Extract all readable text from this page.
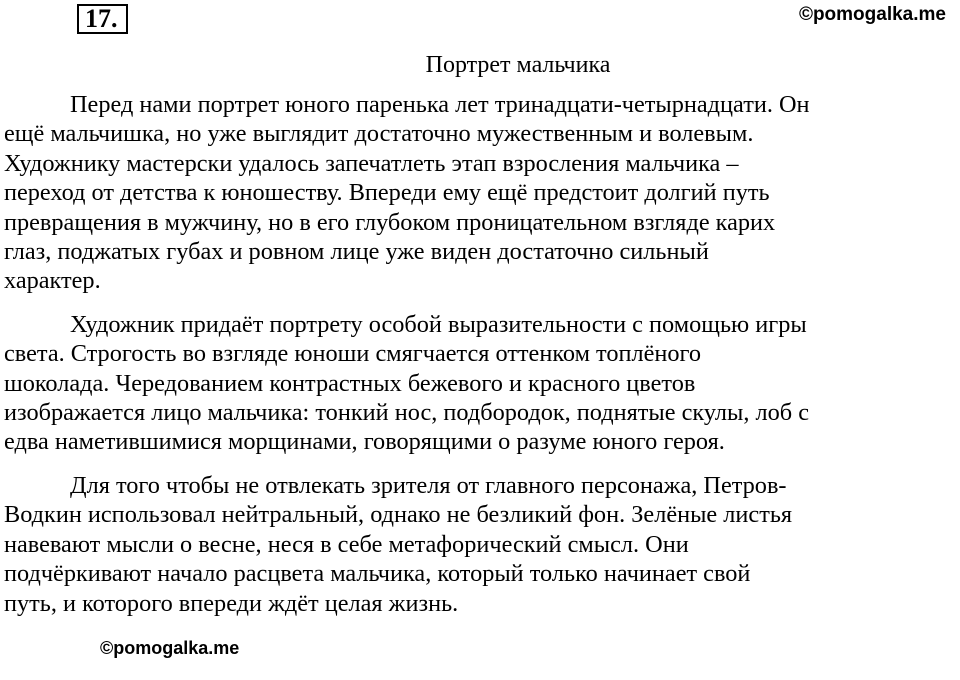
17.	©pomogalka.me
Портрет мальчика

Перед нами портрет юного паренька лет тринадцати-четырнадцати. Он
ещё мальчишка, но уже выглядит достаточно мужественным и волевым.
Художнику мастерски удалось запечатлеть этап взросления мальчика –
переход от детства к юношеству. Впереди ему ещё предстоит долгий путь
превращения в мужчину, но в его глубоком проницательном взгляде карих
глаз, поджатых губах и ровном лице уже виден достаточно сильный
характер.

Художник придаёт портрету особой выразительности с помощью игры
света. Строгость во взгляде юноши смягчается оттенком топлёного
шоколада. Чередованием контрастных бежевого и красного цветов
изображается лицо мальчика: тонкий нос, подбородок, поднятые скулы, лоб с
едва наметившимися морщинами, говорящими о разуме юного героя.

Для того чтобы не отвлекать зрителя от главного персонажа, Петров-
Водкин использовал нейтральный, однако не безликий фон. Зелёные листья
навевают мысли о весне, неся в себе метафорический смысл. Они
подчёркивают начало расцвета мальчика, который только начинает свой
путь, и которого впереди ждёт целая жизнь.

©pomogalka.me
